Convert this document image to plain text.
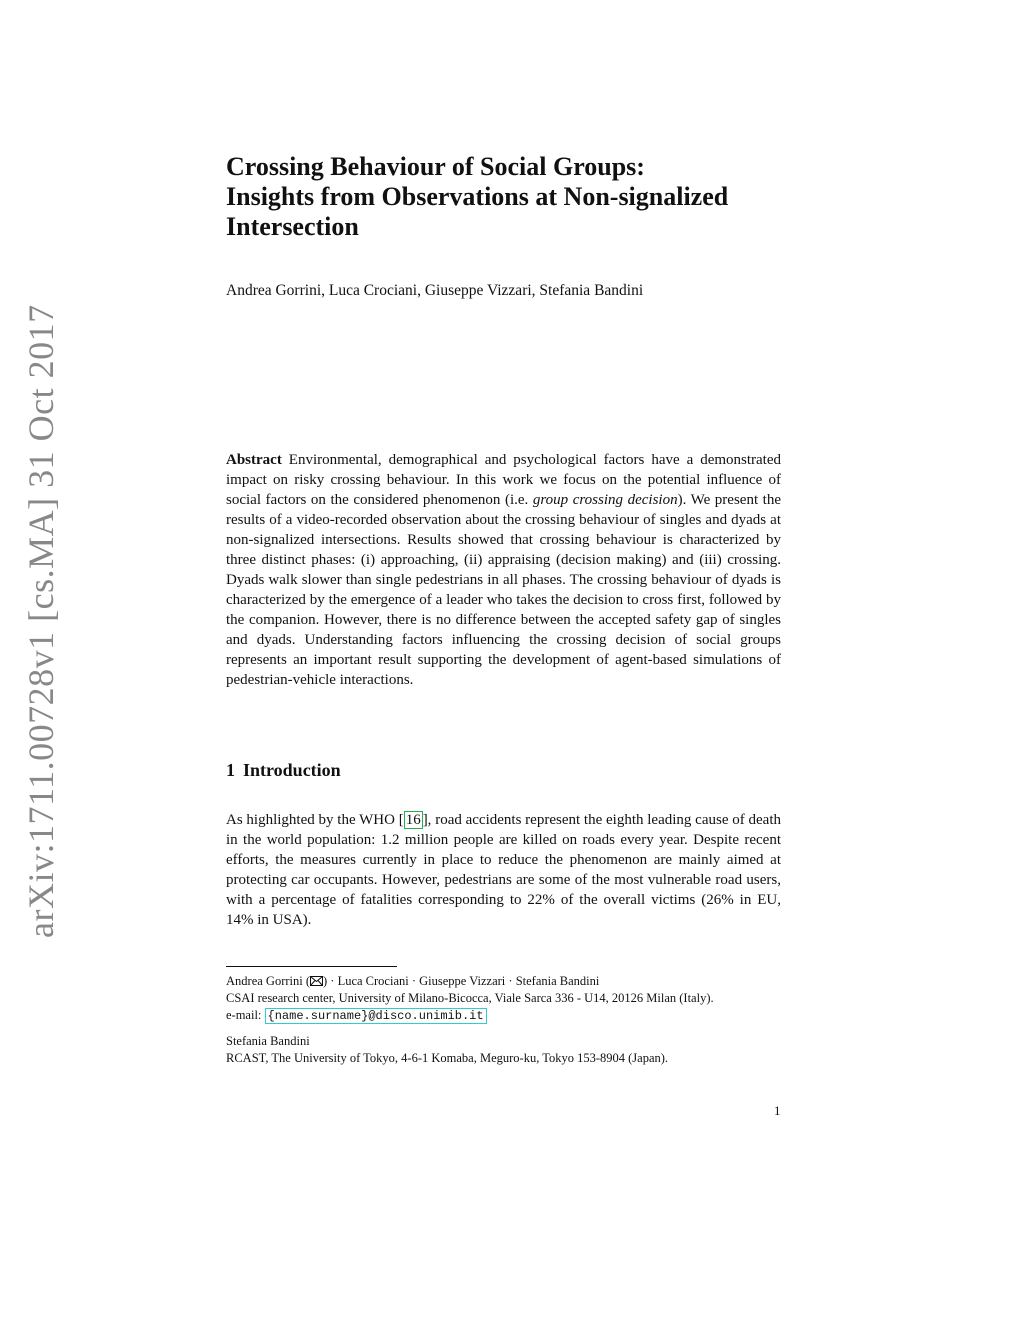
arXiv:1711.00728v1 [cs.MA] 31 Oct 2017
Crossing Behaviour of Social Groups:
Insights from Observations at Non-signalized
Intersection
Andrea Gorrini, Luca Crociani, Giuseppe Vizzari, Stefania Bandini

Abstract Environmental, demographical and psychological factors have a demonstrated impact on risky crossing behaviour. In this work we focus on the potential influence of social factors on the considered phenomenon (i.e. group crossing decision). We present the results of a video-recorded observation about the crossing behaviour of singles and dyads at non-signalized intersections. Results showed that crossing behaviour is characterized by three distinct phases: (i) approaching, (ii) appraising (decision making) and (iii) crossing. Dyads walk slower than single pedestrians in all phases. The crossing behaviour of dyads is characterized by the emergence of a leader who takes the decision to cross first, followed by the companion. However, there is no difference between the accepted safety gap of singles and dyads. Understanding factors influencing the crossing decision of social groups represents an important result supporting the development of agent-based simulations of pedestrian-vehicle interactions.

1 Introduction

As highlighted by the WHO [ 16 ], road accidents represent the eighth leading cause of death in the world population: 1.2 million people are killed on roads every year. Despite recent efforts, the measures currently in place to reduce the phenomenon are mainly aimed at protecting car occupants. However, pedestrians are some of the most vulnerable road users, with a percentage of fatalities corresponding to 22% of the overall victims (26% in EU, 14% in USA).

Andrea Gorrini ( ) · Luca Crociani · Giuseppe Vizzari · Stefania Bandini
CSAI research center, University of Milano-Bicocca, Viale Sarca 336 - U14, 20126 Milan (Italy).
e-mail: {name.surname}@disco.unimib.it
Stefania Bandini
RCAST, The University of Tokyo, 4-6-1 Komaba, Meguro-ku, Tokyo 153-8904 (Japan).
1
